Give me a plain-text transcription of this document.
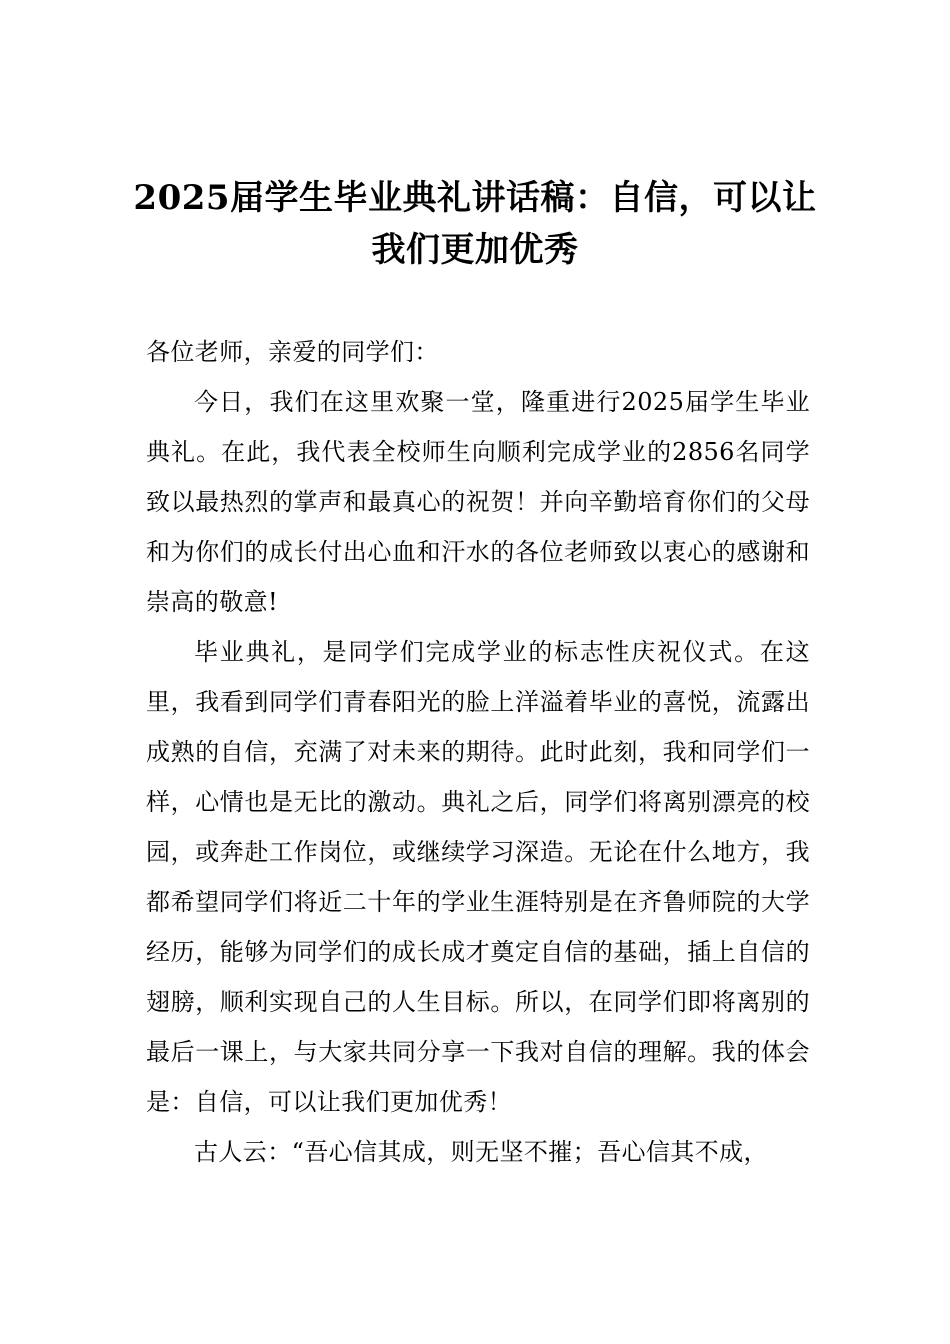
2025届学生毕业典礼讲话稿：自信，可以让我们更加优秀

各位老师，亲爱的同学们：

今日，我们在这里欢聚一堂，隆重进行2025届学生毕业典礼。在此，我代表全校师生向顺利完成学业的2856名同学致以最热烈的掌声和最真心的祝贺！并向辛勤培育你们的父母和为你们的成长付出心血和汗水的各位老师致以衷心的感谢和崇高的敬意!

毕业典礼，是同学们完成学业的标志性庆祝仪式。在这里，我看到同学们青春阳光的脸上洋溢着毕业的喜悦，流露出成熟的自信，充满了对未来的期待。此时此刻，我和同学们一样，心情也是无比的激动。典礼之后，同学们将离别漂亮的校园，或奔赴工作岗位，或继续学习深造。无论在什么地方，我都希望同学们将近二十年的学业生涯特别是在齐鲁师院的大学经历，能够为同学们的成长成才奠定自信的基础，插上自信的翅膀，顺利实现自己的人生目标。所以，在同学们即将离别的最后一课上，与大家共同分享一下我对自信的理解。我的体会是：自信，可以让我们更加优秀！

古人云：“吾心信其成，则无坚不摧；吾心信其不成，
